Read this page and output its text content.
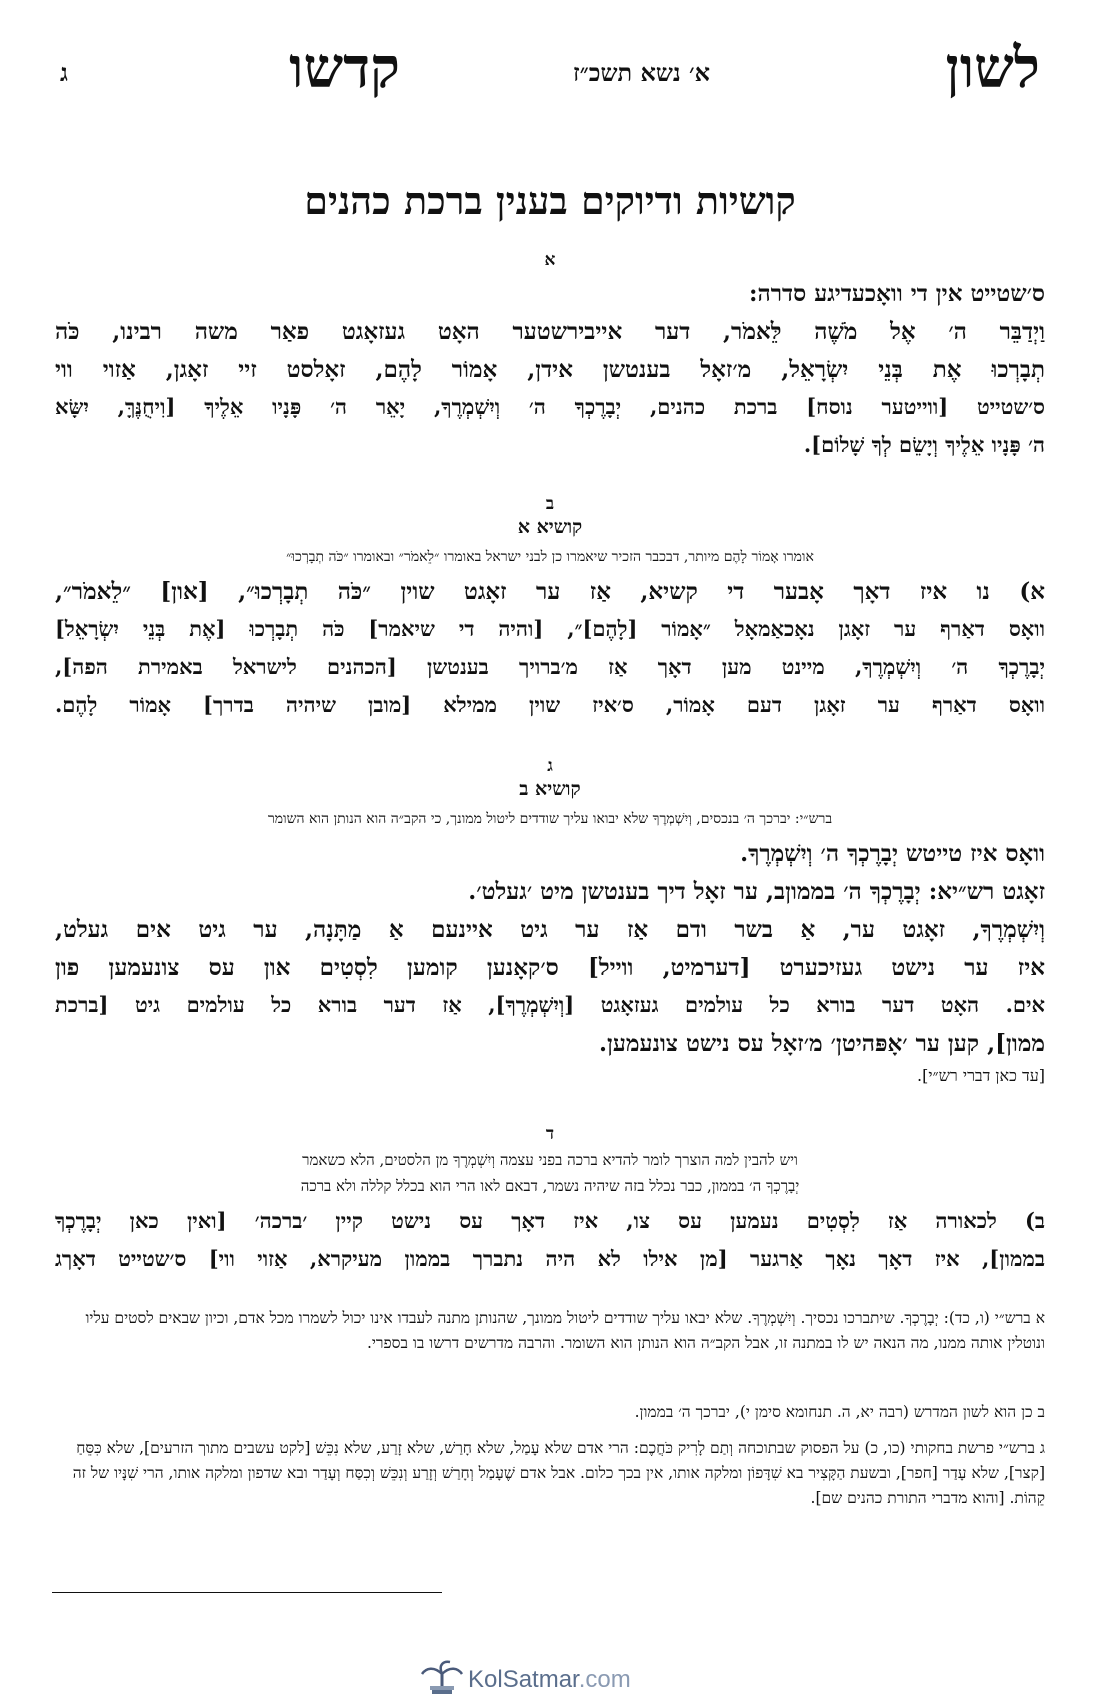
לשון
א׳ נשא תשכ״ז
קדשו
ג
קושיות ודיוקים בענין ברכת כהנים
א
ס׳שטייט אין די וואָכעדיגע סדרה:
וַיְדַבֵּר ה׳ אֶל מֹשֶׁה לֵּאמֹר, דער אייבירשטער האָט געזאָגט פאַר משה רבינו, כֹּה
תְבָרְכוּ אֶת בְּנֵי יִשְׂרָאֵל, מ׳זאָל בענטשן אידן, אָמוֹר לָהֶם, זאָלסט זיי זאָגן, אַזוי ווי
ס׳שטייט [ווייטער נוסח] ברכת כהנים, יְבָרֶכְךָ ה׳ וְיִשְׁמְרֶךָ, יָאֵר ה׳ פָּנָיו אֵלֶיךָ [וִיחֻנֶּךָּ, יִשָּׂא
ה׳ פָּנָיו אֵלֶיךָ וְיָשֵׂם לְךָ שָׁלוֹם].
ב
קושיא א
אומרו אָמוֹר לָהֶם מיותר, דבכבר הזכיר שיאמרו כן לבני ישראל באומרו ״לֵאמֹר״ ובאומרו ״כֹּה תְבָרְכוּ״
א) נו איז דאָך אָבער די קשיא, אַז ער זאָגט שוין ״כֹּה תְבָרְכוּ״, [און] ״לֵאמֹר״,
וואָס דאַרף ער זאָגן נאָכאַמאָל ״אָמוֹר [לָהֶם]״, [והיה די שיאמר] כֹּה תְבָרְכוּ [אֶת בְּנֵי יִשְׂרָאֵל]
יְבָרֶכְךָ ה׳ וְיִשְׁמְרֶךָ, מיינט מען דאָך אַז מ׳ברויך בענטשן [הכהנים לישראל באמירת הפה],
וואָס דאַרף ער זאָגן דעם אָמוֹר, ס׳איז שוין ממילא [מובן שיהיה בדרך] אָמוֹר לָהֶם.
ג
קושיא ב
ברש״י: יברכך ה׳ בנכסים, וְיִשְׁמְרֶךָ שלא יבואו עליך שודדים ליטול ממונך, כי הקב״ה הוא הנותן הוא השומר
וואָס איז טייטש יְבָרֶכְךָ ה׳ וְיִשְׁמְרֶךָ.
זאָגט רש״יא: יְבָרֶכְךָ ה׳ בממוןב, ער זאָל דיך בענטשן מיט ׳געלט׳.
וְיִשְׁמְרֶךָ, זאָגט ער, אַ בשר ודם אַז ער גיט איינעם אַ מַתָּנָה, ער גיט אים געלט,
איז ער נישט געזיכערט [דערמיט, ווייל] ס׳קאָנען קומען לִסְטִים און עס צונעמען פון
אים. האָט דער בורא כל עולמים געזאָגט [וְיִשְׁמְרֶךָ], אַז דער בורא כל עולמים גיט [ברכת
ממון], קען ער ׳אָפּהיטן׳ מ׳זאָל עס נישט צונעמען.
[עד כאן דברי רש״י].
ד
ויש להבין למה הוצרך לומר להדיא ברכה בפני עצמה וְיִשְׁמְרֶךָ מן הלסטים, הלא כשאמר
יְבָרֶכְךָ ה׳ בממון, כבר נכלל בזה שיהיה נשמר, דבאם לאו הרי הוא בכלל קללה ולא ברכה
ב) לכאורה אַז לִסְטִים נעמען עס צו, איז דאָך עס נישט קיין ׳ברכה׳ [ואין כאן יְבָרֶכְךָ
בממון], איז דאָך נאָך אַרגער [מן אילו לא היה נתברך בממון מעיקרא, אַזוי ווי] ס׳שטייט דאָךג
א ברש״י (ו, כד): יְבָרֶכְךָ. שיתברכו נכסיך. וְיִשְׁמְרֶךָ. שלא יבאו עליך שודדים ליטול ממונך, שהנותן מתנה לעבדו אינו יכול לשמרו מכל אדם, וכיון שבאים לסטים עליו ונוטלין אותה ממנו, מה הנאה יש לו במתנה זו, אבל הקב״ה הוא הנותן הוא השומר. והרבה מדרשים דרשו בו בספרי.
ב כן הוא לשון המדרש (רבה יא, ה. תנחומא סימן י), יברכך ה׳ בממון.
ג ברש״י פרשת בחקותי (כו, כ) על הפסוק שבתוכחה וְתַם לָרִיק כֹּחֲכֶם: הרי אדם שלא עָמַל, שלא חָרַשׁ, שלא זָרַע, שלא נִכֵּשׁ [לקט עשבים מתוך הזרעים], שלא כִּסֵּחַ [קצר], שלא עָדַר [חפר], ובשעת הַקָּצִיר בא שִׁדָּפוֹן ומלקה אותו, אין בכך כלום. אבל אדם שֶׁעָמַל וְחָרַשׁ וְזָרַע וְנִכֵּשׁ וְכִסַּח וְעָדַר ובא שדפון ומלקה אותו, הרי שִׁנָּיו של זה קֵהוֹת. [והוא מדברי התורת כהנים שם].
KolSatmar.com
